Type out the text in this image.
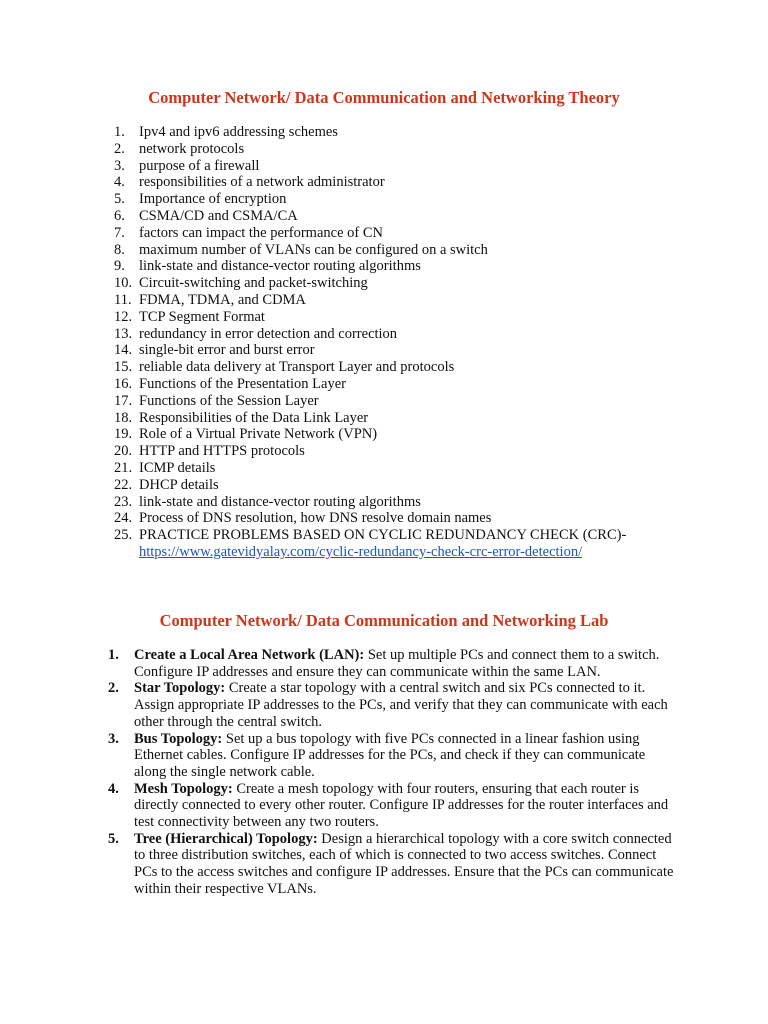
Computer Network/ Data Communication and Networking Theory
1. Ipv4 and ipv6 addressing schemes
2. network protocols
3. purpose of a firewall
4. responsibilities of a network administrator
5. Importance of encryption
6. CSMA/CD and CSMA/CA
7. factors can impact the performance of CN
8. maximum number of VLANs can be configured on a switch
9. link-state and distance-vector routing algorithms
10. Circuit-switching and packet-switching
11. FDMA, TDMA, and CDMA
12. TCP Segment Format
13. redundancy in error detection and correction
14. single-bit error and burst error
15. reliable data delivery at Transport Layer and protocols
16. Functions of the Presentation Layer
17. Functions of the Session Layer
18. Responsibilities of the Data Link Layer
19. Role of a Virtual Private Network (VPN)
20. HTTP and HTTPS protocols
21. ICMP details
22. DHCP details
23. link-state and distance-vector routing algorithms
24. Process of DNS resolution, how DNS resolve domain names
25. PRACTICE PROBLEMS BASED ON CYCLIC REDUNDANCY CHECK (CRC)-
https://www.gatevidyalay.com/cyclic-redundancy-check-crc-error-detection/
Computer Network/ Data Communication and Networking Lab
1. Create a Local Area Network (LAN): Set up multiple PCs and connect them to a switch. Configure IP addresses and ensure they can communicate within the same LAN.
2. Star Topology: Create a star topology with a central switch and six PCs connected to it. Assign appropriate IP addresses to the PCs, and verify that they can communicate with each other through the central switch.
3. Bus Topology: Set up a bus topology with five PCs connected in a linear fashion using Ethernet cables. Configure IP addresses for the PCs, and check if they can communicate along the single network cable.
4. Mesh Topology: Create a mesh topology with four routers, ensuring that each router is directly connected to every other router. Configure IP addresses for the router interfaces and test connectivity between any two routers.
5. Tree (Hierarchical) Topology: Design a hierarchical topology with a core switch connected to three distribution switches, each of which is connected to two access switches. Connect PCs to the access switches and configure IP addresses. Ensure that the PCs can communicate within their respective VLANs.
